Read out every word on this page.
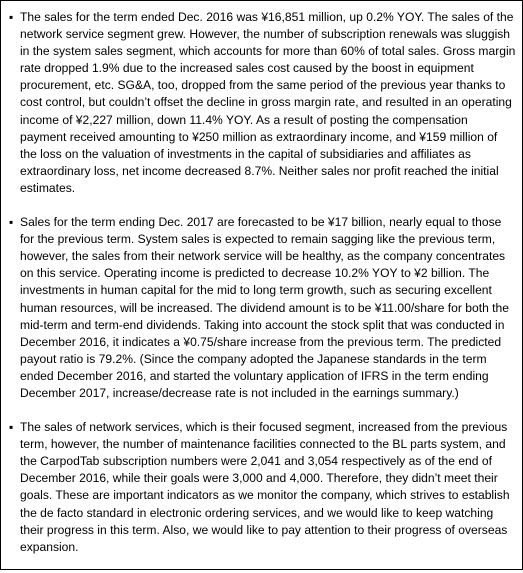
▪ The sales for the term ended Dec. 2016 was ¥16,851 million, up 0.2% YOY. The sales of the network service segment grew. However, the number of subscription renewals was sluggish in the system sales segment, which accounts for more than 60% of total sales. Gross margin rate dropped 1.9% due to the increased sales cost caused by the boost in equipment procurement, etc. SG&A, too, dropped from the same period of the previous year thanks to cost control, but couldn’t offset the decline in gross margin rate, and resulted in an operating income of ¥2,227 million, down 11.4% YOY. As a result of posting the compensation payment received amounting to ¥250 million as extraordinary income, and ¥159 million of the loss on the valuation of investments in the capital of subsidiaries and affiliates as extraordinary loss, net income decreased 8.7%. Neither sales nor profit reached the initial estimates.
▪ Sales for the term ending Dec. 2017 are forecasted to be ¥17 billion, nearly equal to those for the previous term. System sales is expected to remain sagging like the previous term, however, the sales from their network service will be healthy, as the company concentrates on this service. Operating income is predicted to decrease 10.2% YOY to ¥2 billion. The investments in human capital for the mid to long term growth, such as securing excellent human resources, will be increased. The dividend amount is to be ¥11.00/share for both the mid-term and term-end dividends. Taking into account the stock split that was conducted in December 2016, it indicates a ¥0.75/share increase from the previous term. The predicted payout ratio is 79.2%. (Since the company adopted the Japanese standards in the term ended December 2016, and started the voluntary application of IFRS in the term ending December 2017, increase/decrease rate is not included in the earnings summary.)
▪ The sales of network services, which is their focused segment, increased from the previous term, however, the number of maintenance facilities connected to the BL parts system, and the CarpodTab subscription numbers were 2,041 and 3,054 respectively as of the end of December 2016, while their goals were 3,000 and 4,000. Therefore, they didn’t meet their goals. These are important indicators as we monitor the company, which strives to establish the de facto standard in electronic ordering services, and we would like to keep watching their progress in this term. Also, we would like to pay attention to their progress of overseas expansion.
